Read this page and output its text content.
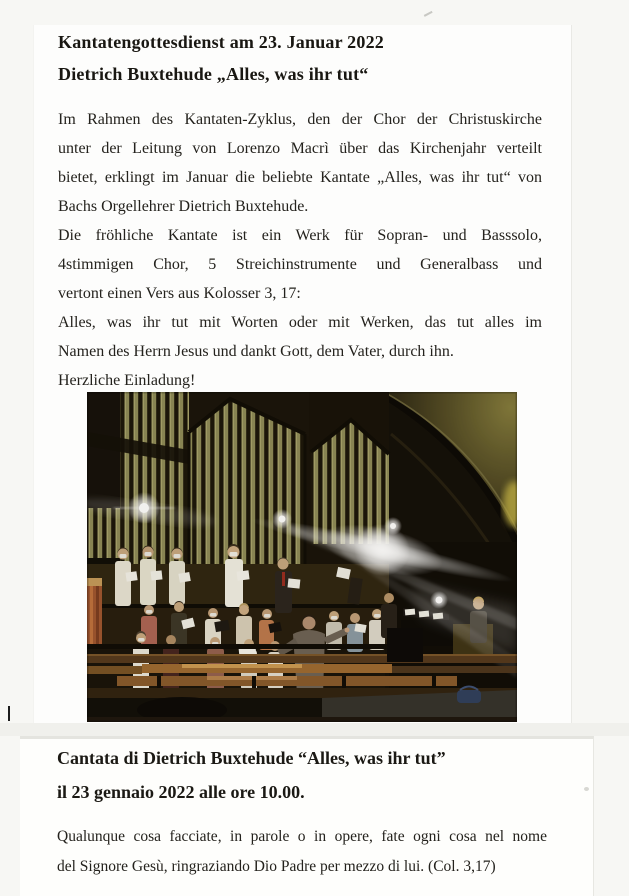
Kantatengottesdienst am 23. Januar 2022
Dietrich Buxtehude „Alles, was ihr tut“
Im Rahmen des Kantaten-Zyklus, den der Chor der Christuskirche
unter der Leitung von Lorenzo Macrì über das Kirchenjahr verteilt
bietet, erklingt im Januar die beliebte Kantate „Alles, was ihr tut“ von
Bachs Orgellehrer Dietrich Buxtehude.
Die fröhliche Kantate ist ein Werk für Sopran- und Basssolo,
4stimmigen Chor, 5 Streichinstrumente und Generalbass und
vertont einen Vers aus Kolosser 3, 17:
Alles, was ihr tut mit Worten oder mit Werken, das tut alles im
Namen des Herrn Jesus und dankt Gott, dem Vater, durch ihn.
Herzliche Einladung!
Cantata di Dietrich Buxtehude “Alles, was ihr tut”
il 23 gennaio 2022 alle ore 10.00.
Qualunque cosa facciate, in parole o in opere, fate ogni cosa nel nome
del Signore Gesù, ringraziando Dio Padre per mezzo di lui. (Col. 3,17)
